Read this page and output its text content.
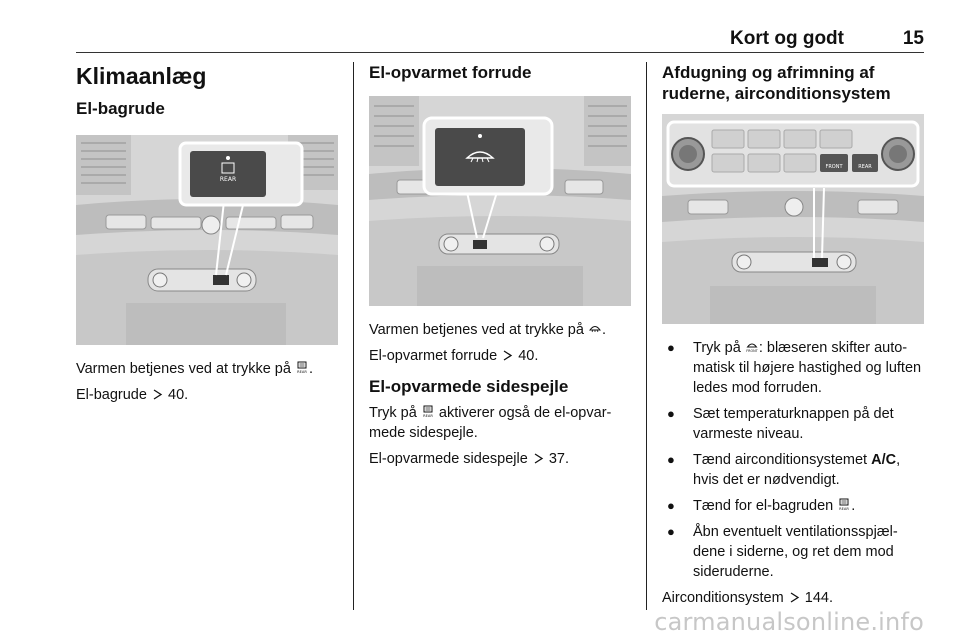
Kort og godt	15
Klimaanlæg
El-bagrude
REAR

Varmen betjenes ved at trykke på REAR .

El-bagrude 40.

El-opvarmet forrude

Varmen betjenes ved at trykke på .

El-opvarmet forrude 40.

El-opvarmede sidespejle

Tryk på REAR aktiverer også de el-opvar-mede sidespejle.

El-opvarmede sidespejle 37.

Afdugning og afrimning af ruderne, airconditionsystem
FRONT	REAR
● Tryk på FRONT : blæseren skifter auto-matisk til højere hastighed og luften ledes mod forruden.
● Sæt temperaturknappen på det varmeste niveau.
● Tænd airconditionsystemet A/C, hvis det er nødvendigt.
● Tænd for el-bagruden REAR .
● Åbn eventuelt ventilationsspjæl-dene i siderne, og ret dem mod sideruderne.

Airconditionsystem 144.

carmanualsonline.info
